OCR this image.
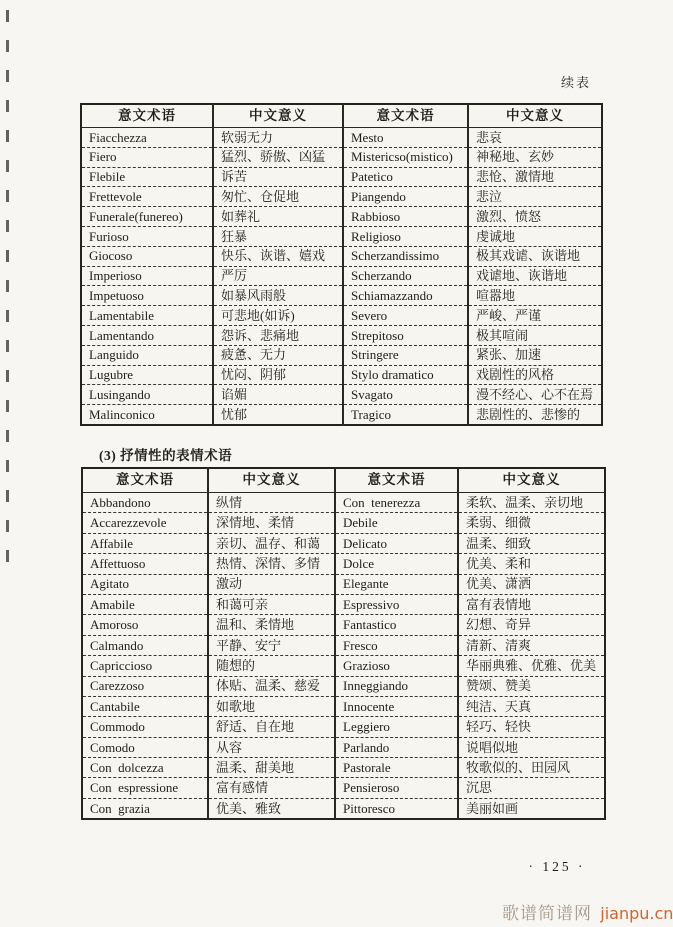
续表
意文术语	中文意义	意文术语	中文意义
Fiacchezza	软弱无力	Mesto	悲哀
Fiero	猛烈、骄傲、凶猛	Mistericso(mistico)	神秘地、玄妙
Flebile	诉苦	Patetico	悲怆、激情地
Frettevole	匆忙、仓促地	Piangendo	悲泣
Funerale(funereo)	如葬礼	Rabbioso	激烈、愤怒
Furioso	狂暴	Religioso	虔诚地
Giocoso	快乐、诙谐、嬉戏	Scherzandissimo	极其戏谑、诙谐地
Imperioso	严厉	Scherzando	戏谑地、诙谐地
Impetuoso	如暴风雨般	Schiamazzando	喧嚣地
Lamentabile	可悲地(如诉)	Severo	严峻、严谨
Lamentando	怨诉、悲痛地	Strepitoso	极其喧闹
Languido	疲惫、无力	Stringere	紧张、加速
Lugubre	忧闷、阴郁	Stylo dramatico	戏剧性的风格
Lusingando	谄媚	Svagato	漫不经心、心不在焉
Malinconico	忧郁	Tragico	悲剧性的、悲惨的
(3) 抒情性的表情术语
意文术语	中文意义	意文术语	中文意义
Abbandono	纵情	Con  tenerezza	柔软、温柔、亲切地
Accarezzevole	深情地、柔情	Debile	柔弱、细微
Affabile	亲切、温存、和蔼	Delicato	温柔、细致
Affettuoso	热情、深情、多情	Dolce	优美、柔和
Agitato	激动	Elegante	优美、潇洒
Amabile	和蔼可亲	Espressivo	富有表情地
Amoroso	温和、柔情地	Fantastico	幻想、奇异
Calmando	平静、安宁	Fresco	清新、清爽
Capriccioso	随想的	Grazioso	华丽典雅、优雅、优美
Carezzoso	体贴、温柔、慈爱	Inneggiando	赞颂、赞美
Cantabile	如歌地	Innocente	纯洁、天真
Commodo	舒适、自在地	Leggiero	轻巧、轻快
Comodo	从容	Parlando	说唱似地
Con  dolcezza	温柔、甜美地	Pastorale	牧歌似的、田园风
Con  espressione	富有感情	Pensieroso	沉思
Con  grazia	优美、雅致	Pittoresco	美丽如画
· 125 ·
歌谱简谱网 jianpu.cn
